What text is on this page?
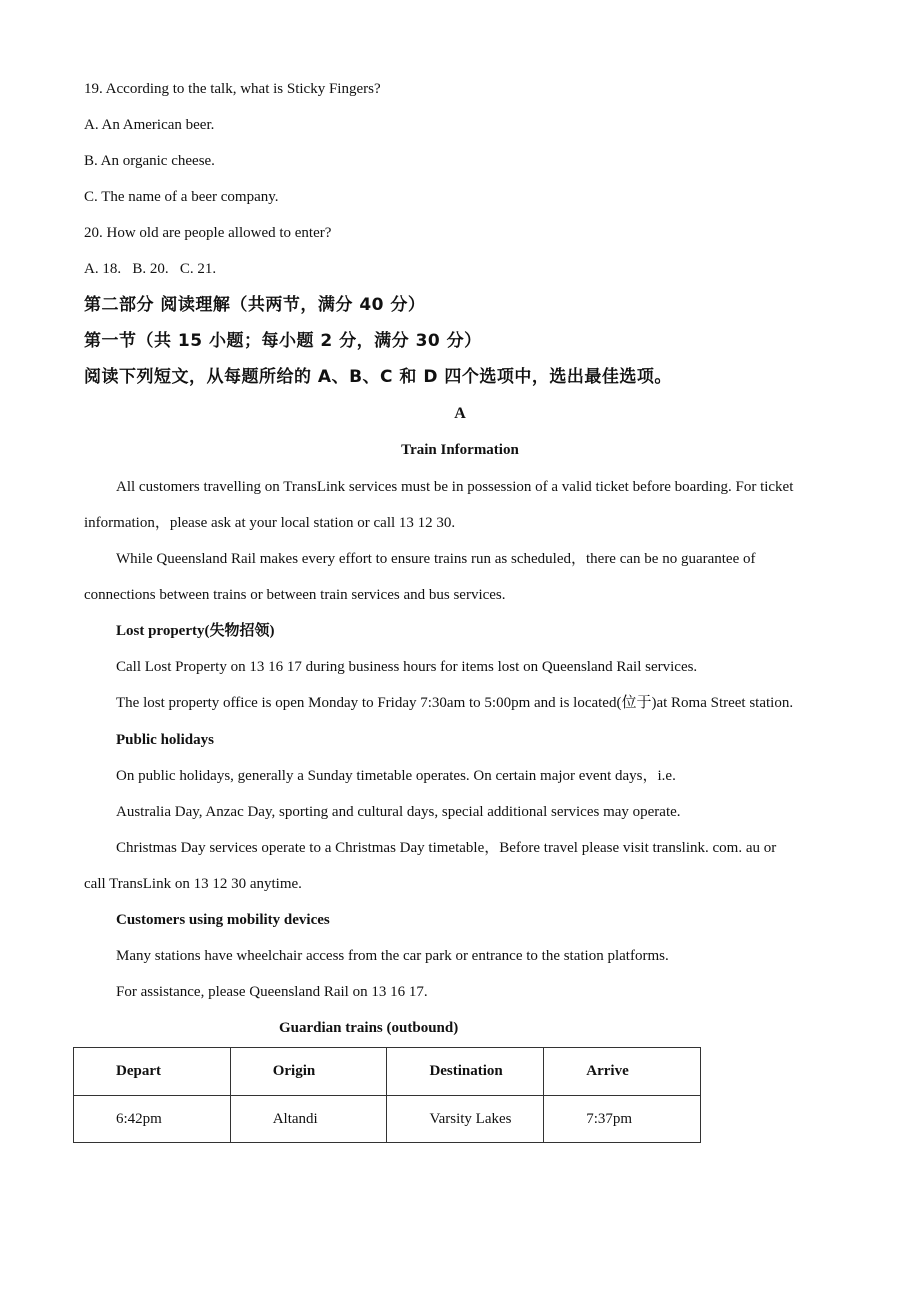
19. According to the talk, what is Sticky Fingers?
A. An American beer.
B. An organic cheese.
C. The name of a beer company.
20. How old are people allowed to enter?
A. 18.   B. 20.   C. 21.
第二部分 阅读理解（共两节，满分 40 分）
第一节（共 15 小题；每小题 2 分，满分 30 分）
阅读下列短文，从每题所给的 A、B、C 和 D 四个选项中，选出最佳选项。
A
Train Information
All customers travelling on TransLink services must be in possession of a valid ticket before boarding. For ticket
information，please ask at your local station or call 13 12 30.
While Queensland Rail makes every effort to ensure trains run as scheduled，there can be no guarantee of
connections between trains or between train services and bus services.
Lost property(失物招领)
Call Lost Property on 13 16 17 during business hours for items lost on Queensland Rail services.
The lost property office is open Monday to Friday 7:30am to 5:00pm and is located(位于)at Roma Street station.
Public holidays
On public holidays, generally a Sunday timetable operates. On certain major event days，i.e.
Australia Day, Anzac Day, sporting and cultural days, special additional services may operate.
Christmas Day services operate to a Christmas Day timetable，Before travel please visit translink. com. au or
call TransLink on 13 12 30 anytime.
Customers using mobility devices
Many stations have wheelchair access from the car park or entrance to the station platforms.
For assistance, please Queensland Rail on 13 16 17.
Guardian trains (outbound)
Depart	Origin	Destination	Arrive
6:42pm	Altandi	Varsity Lakes	7:37pm
